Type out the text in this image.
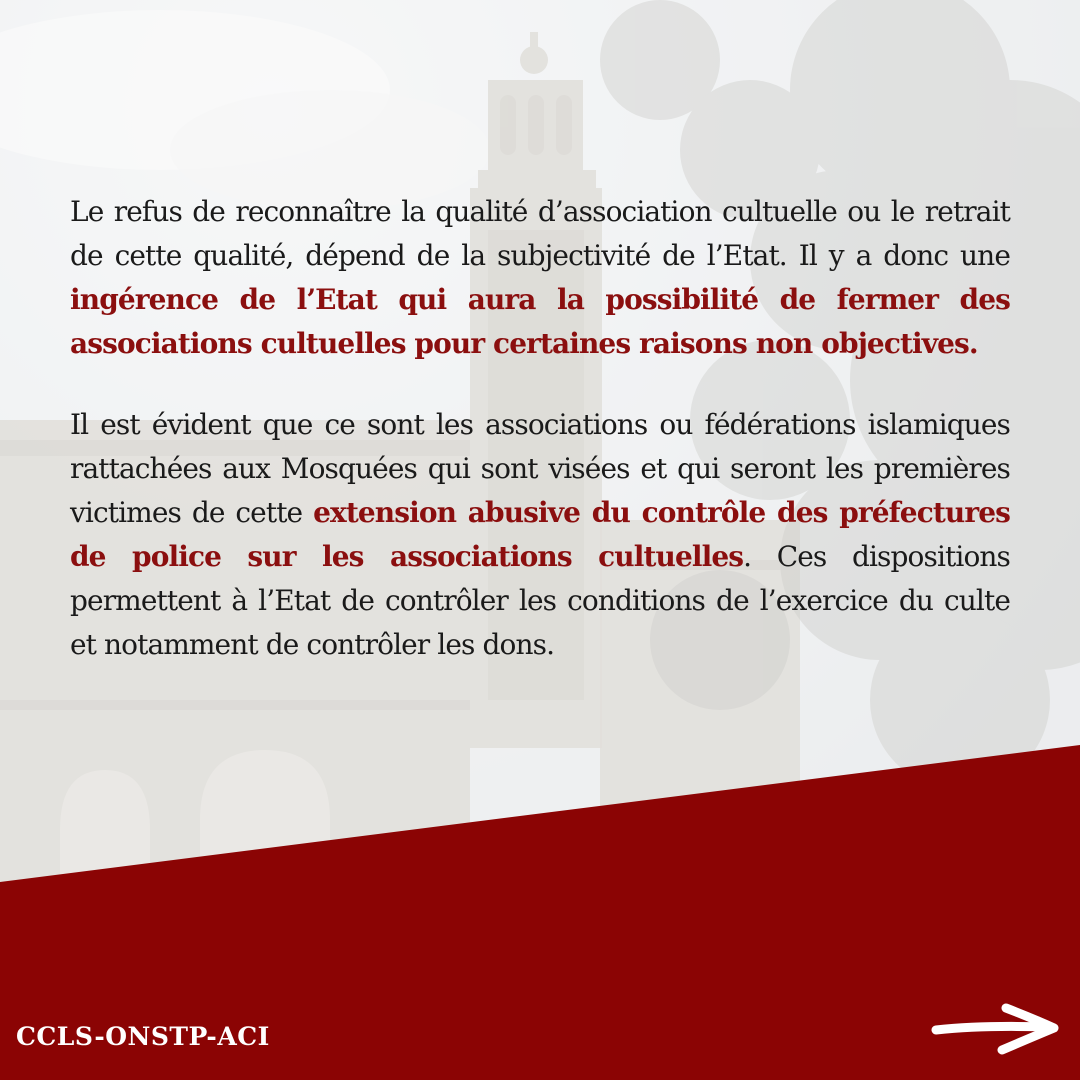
Le refus de reconnaître la qualité d’association cultuelle ou le retrait de cette qualité, dépend de la subjectivité de l’Etat. Il y a donc une ingérence de l’Etat qui aura la possibilité de fermer des associations cultuelles pour certaines raisons non objectives.

Il est évident que ce sont les associations ou fédérations islamiques rattachées aux Mosquées qui sont visées et qui seront les premières victimes de cette extension abusive du contrôle des préfectures de police sur les associations cultuelles. Ces dispositions permettent à l’Etat de contrôler les conditions de l’exercice du culte et notamment de contrôler les dons.

CCLS-ONSTP-ACI
